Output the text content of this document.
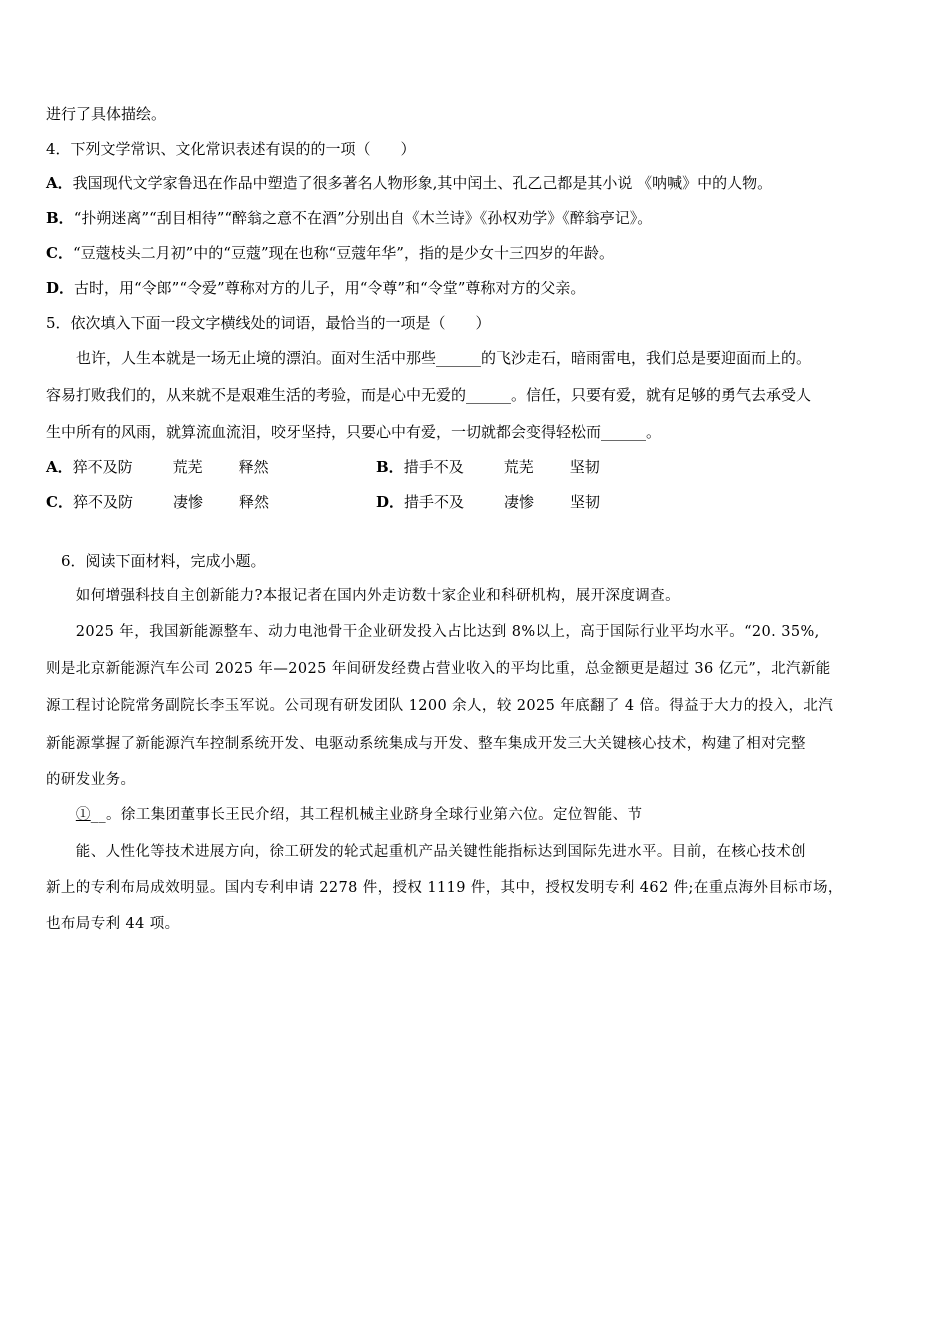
进行了具体描绘。
4．下列文学常识、文化常识表述有误的的一项（　　）
A．我国现代文学家鲁迅在作品中塑造了很多著名人物形象,其中闰土、孔乙己都是其小说 《呐喊》中的人物。
B．“扑朔迷离”“刮目相待”“醉翁之意不在酒”分别出自《木兰诗》《孙权劝学》《醉翁亭记》。
C．“豆蔻枝头二月初”中的“豆蔻”现在也称“豆蔻年华”，指的是少女十三四岁的年龄。
D．古时，用“令郎”“令爱”尊称对方的儿子，用“令尊”和“令堂”尊称对方的父亲。
5．依次填入下面一段文字横线处的词语，最恰当的一项是（　　）
　　也许，人生本就是一场无止境的漂泊。面对生活中那些______的飞沙走石，暗雨雷电，我们总是要迎面而上的。
容易打败我们的，从来就不是艰难生活的考验，而是心中无爱的______。信任，只要有爱，就有足够的勇气去承受人
生中所有的风雨，就算流血流泪，咬牙坚持，只要心中有爱，一切就都会变得轻松而______。
A．猝不及防	荒芜 释然	B．措手不及	荒芜 坚韧
C．猝不及防	凄惨 释然	D．措手不及	凄惨 坚韧
　6．阅读下面材料，完成小题。
　　如何增强科技自主创新能力?本报记者在国内外走访数十家企业和科研机构，展开深度调查。
　　2025 年，我国新能源整车、动力电池骨干企业研发投入占比达到 8%以上，高于国际行业平均水平。“20. 35%,
则是北京新能源汽车公司 2025 年—2025 年间研发经费占营业收入的平均比重，总金额更是超过 36 亿元”，北汽新能
源工程讨论院常务副院长李玉军说。公司现有研发团队 1200 余人，较 2025 年底翻了 4 倍。得益于大力的投入，北汽
新能源掌握了新能源汽车控制系统开发、电驱动系统集成与开发、整车集成开发三大关键核心技术，构建了相对完整
的研发业务。
　　①__。徐工集团董事长王民介绍，其工程机械主业跻身全球行业第六位。定位智能、节
　　能、人性化等技术进展方向，徐工研发的轮式起重机产品关键性能指标达到国际先进水平。目前，在核心技术创
新上的专利布局成效明显。国内专利申请 2278 件，授权 1119 件，其中，授权发明专利 462 件;在重点海外目标市场，
也布局专利 44 项。
